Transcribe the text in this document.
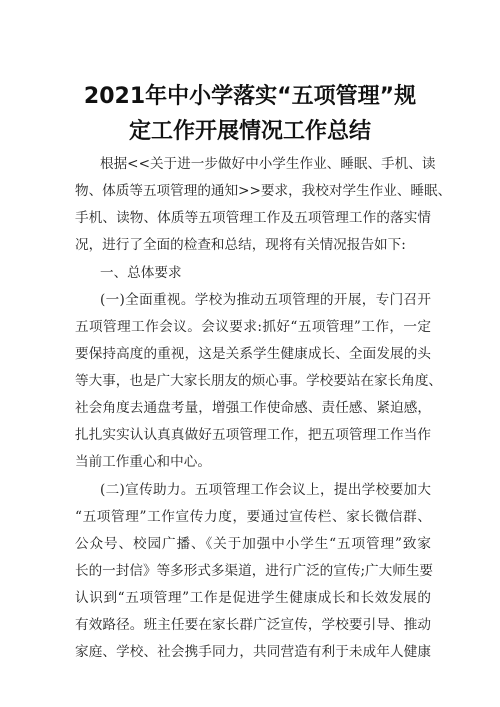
2021年中小学落实“五项管理”规
定工作开展情况工作总结
根据<<关于进一步做好中小学生作业、睡眠、手机、读
物、体质等五项管理的通知>>要求，我校对学生作业、睡眠、
手机、读物、体质等五项管理工作及五项管理工作的落实情
况，进行了全面的检查和总结，现将有关情况报告如下:
一、总体要求
(一)全面重视。学校为推动五项管理的开展，专门召开
五项管理工作会议。会议要求:抓好“五项管理”工作，一定
要保持高度的重视，这是关系学生健康成长、全面发展的头
等大事，也是广大家长朋友的烦心事。学校要站在家长角度、
社会角度去通盘考量，增强工作使命感、责任感、紧迫感，
扎扎实实认认真真做好五项管理工作，把五项管理工作当作
当前工作重心和中心。
(二)宣传助力。五项管理工作会议上，提出学校要加大
“五项管理”工作宣传力度，要通过宣传栏、家长微信群、
公众号、校园广播、《关于加强中小学生“五项管理”致家
长的一封信》等多形式多渠道，进行广泛的宣传;广大师生要
认识到“五项管理”工作是促进学生健康成长和长效发展的
有效路径。班主任要在家长群广泛宣传，学校要引导、推动
家庭、学校、社会携手同力，共同营造有利于未成年人健康
